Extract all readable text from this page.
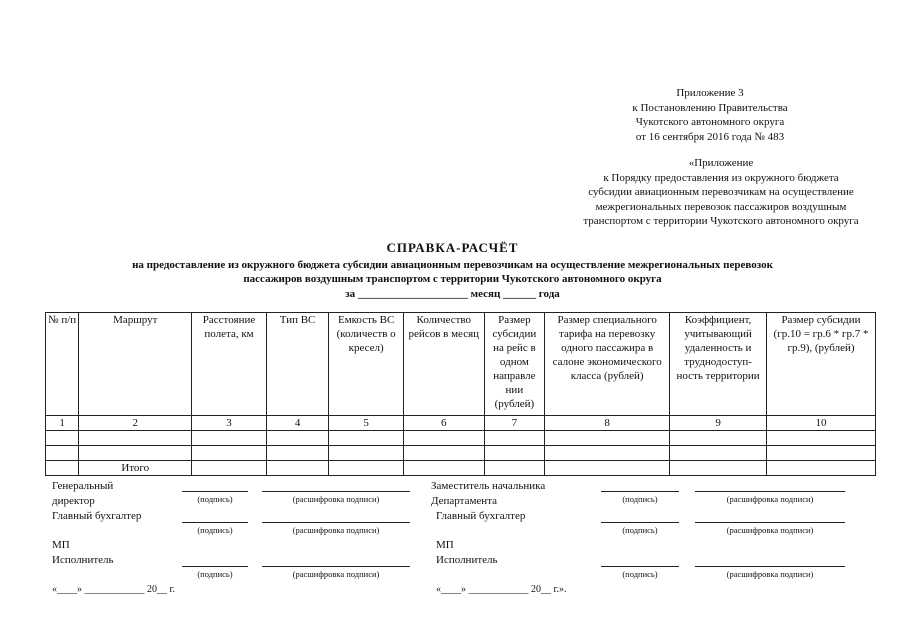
Приложение 3
к Постановлению Правительства
Чукотского автономного округа
от 16 сентября 2016 года № 483
«Приложение
к Порядку предоставления из окружного бюджета
субсидии авиационным перевозчикам на осуществление
межрегиональных перевозок пассажиров воздушным
транспортом с территории Чукотского автономного округа
СПРАВКА-РАСЧЁТ
на предоставление из окружного бюджета субсидии авиационным перевозчикам на осуществление межрегиональных перевозок
пассажиров воздушным транспортом с территории Чукотского автономного округа
за ____________________ месяц ______ года
№ п/п	Маршрут	Расстояние полета, км	Тип ВС	Емкость ВС (количеств о кресел)	Количество рейсов в месяц	Размер субсидии на рейс в одном направле нии (рублей)	Размер специального тарифа на перевозку одного пассажира в салоне экономического класса (рублей)	Коэффициент, учитывающий удаленность и труднодоступ-ность территории	Размер субсидии (гр.10 = гр.6 * гр.7 * гр.9), (рублей)
1	2	3	4	5	6	7	8	9	10

	Итого								
Генеральный
директор	(подпись)	(расшифровка подписи)
Главный бухгалтер
(подпись)	(расшифровка подписи)
МП
Исполнитель
(подпись)	(расшифровка подписи)
«____» ____________ 20__ г.
Заместитель начальника
Департамента	(подпись)	(расшифровка подписи)
Главный бухгалтер
(подпись)	(расшифровка подписи)
МП
Исполнитель
(подпись)	(расшифровка подписи)
«____» ____________ 20__ г.».
